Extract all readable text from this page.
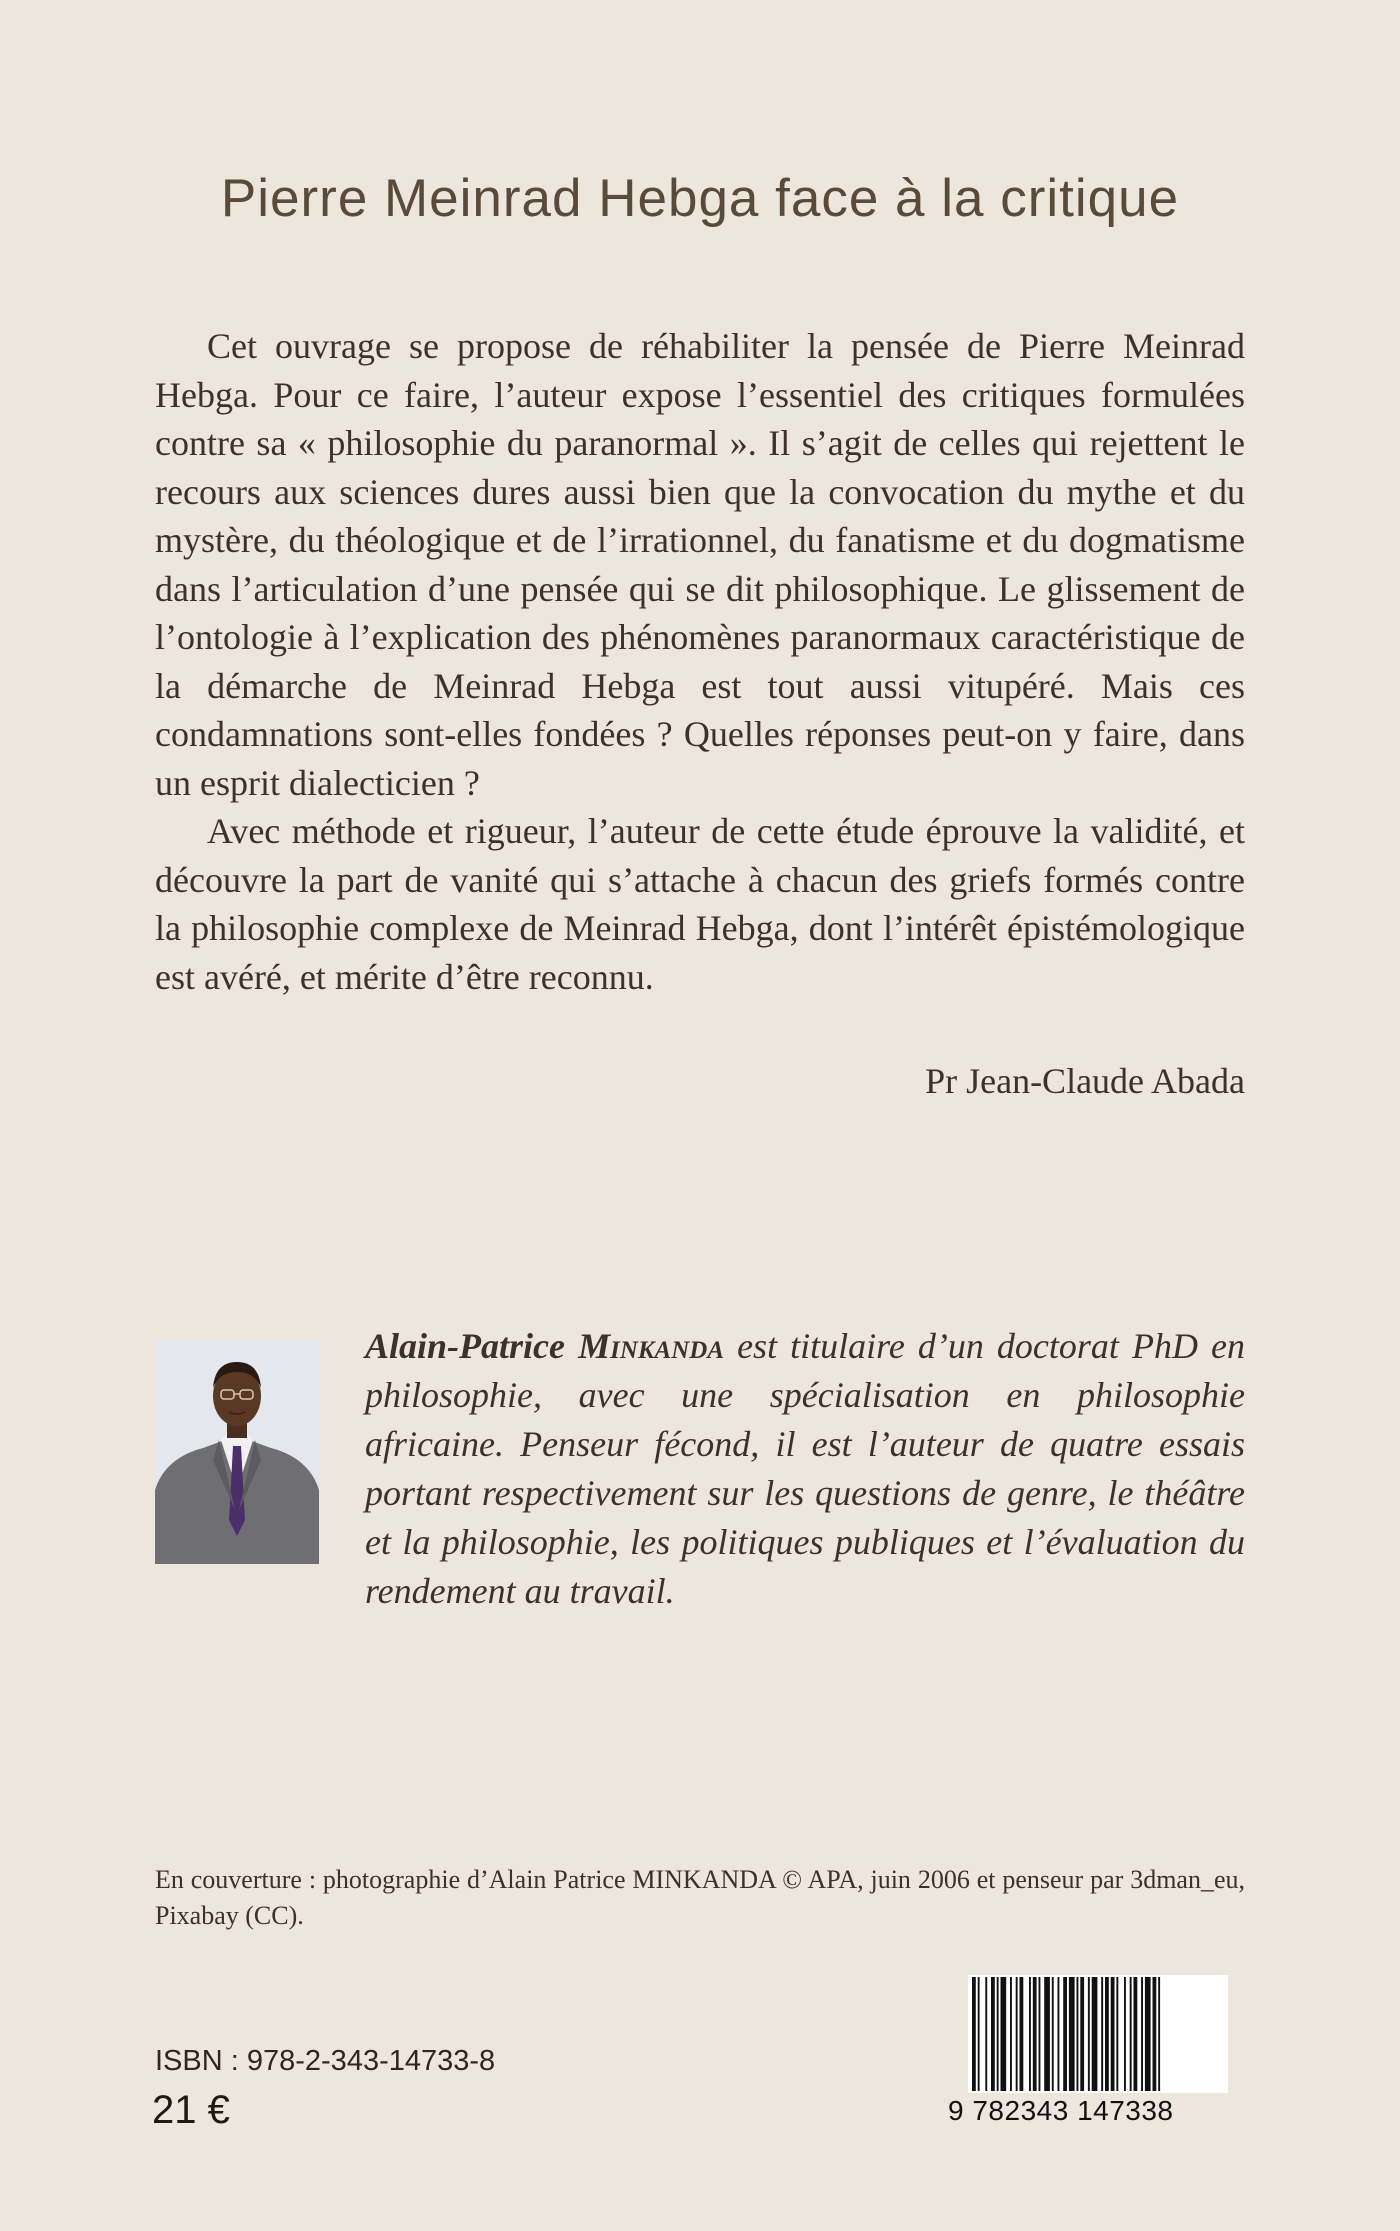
Pierre Meinrad Hebga face à la critique

Cet ouvrage se propose de réhabiliter la pensée de Pierre Meinrad Hebga. Pour ce faire, l’auteur expose l’essentiel des critiques formulées contre sa « philosophie du paranormal ». Il s’agit de celles qui rejettent le recours aux sciences dures aussi bien que la convocation du mythe et du mystère, du théologique et de l’irrationnel, du fanatisme et du dogmatisme dans l’articulation d’une pensée qui se dit philosophique. Le glissement de l’ontologie à l’explication des phénomènes paranormaux caractéristique de la démarche de Meinrad Hebga est tout aussi vitupéré. Mais ces condamnations sont-elles fondées ? Quelles réponses peut-on y faire, dans un esprit dialecticien ?

Avec méthode et rigueur, l’auteur de cette étude éprouve la validité, et découvre la part de vanité qui s’attache à chacun des griefs formés contre la philosophie complexe de Meinrad Hebga, dont l’intérêt épistémologique est avéré, et mérite d’être reconnu.

Pr Jean-Claude Abada
Alain-Patrice Minkanda est titulaire d’un doctorat PhD en philosophie, avec une spécialisation en philosophie africaine. Penseur fécond, il est l’auteur de quatre essais portant respectivement sur les questions de genre, le théâtre et la philosophie, les politiques publiques et l’évaluation du rendement au travail.
En couverture : photographie d’Alain Patrice MINKANDA © APA, juin 2006 et penseur par 3dman_eu, Pixabay (CC).
ISBN : 978-2-343-14733-8
21 €	9 782343 147338
